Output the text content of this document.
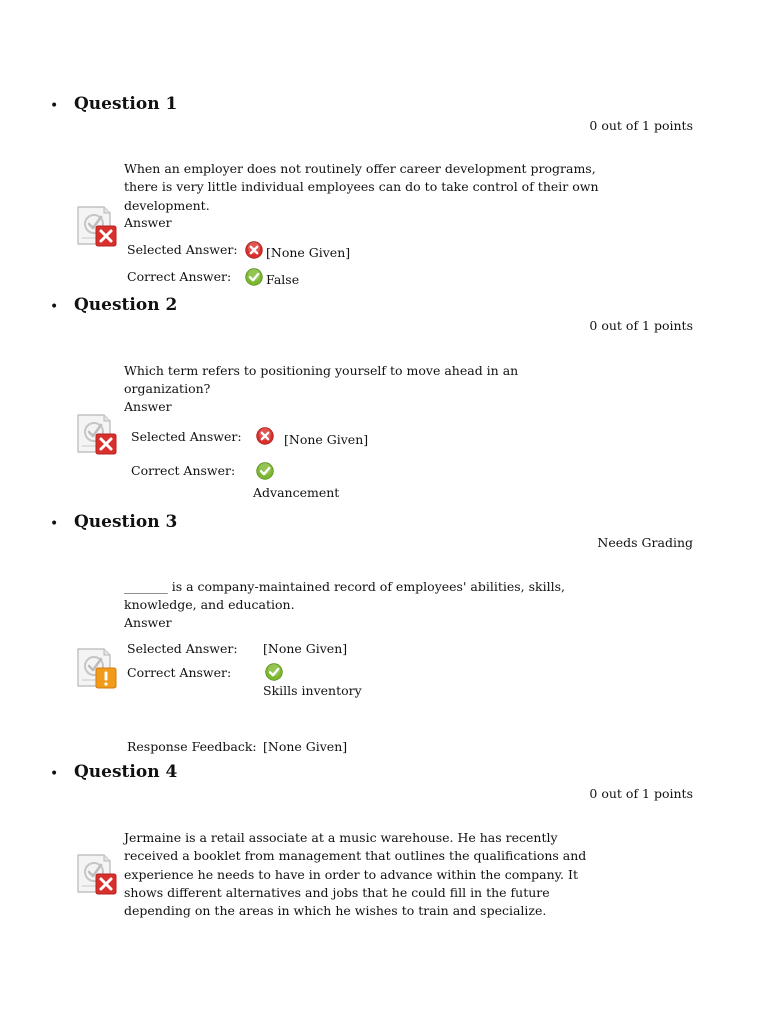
• Question 1
0 out of 1 points
When an employer does not routinely offer career development programs, there is very little individual employees can do to take control of their own development.
Answer
Selected Answer: [None Given]
Correct Answer:	False
• Question 2
0 out of 1 points
Which term refers to positioning yourself to move ahead in an organization?
Answer
Selected Answer:	[None Given]
Correct Answer:
Advancement
• Question 3
Needs Grading
_______ is a company-maintained record of employees' abilities, skills, knowledge, and education.
Answer
Selected Answer: [None Given]
Correct Answer:
Skills inventory
Response Feedback: [None Given]
• Question 4
0 out of 1 points
Jermaine is a retail associate at a music warehouse. He has recently received a booklet from management that outlines the qualifications and experience he needs to have in order to advance within the company. It shows different alternatives and jobs that he could fill in the future depending on the areas in which he wishes to train and specialize.
